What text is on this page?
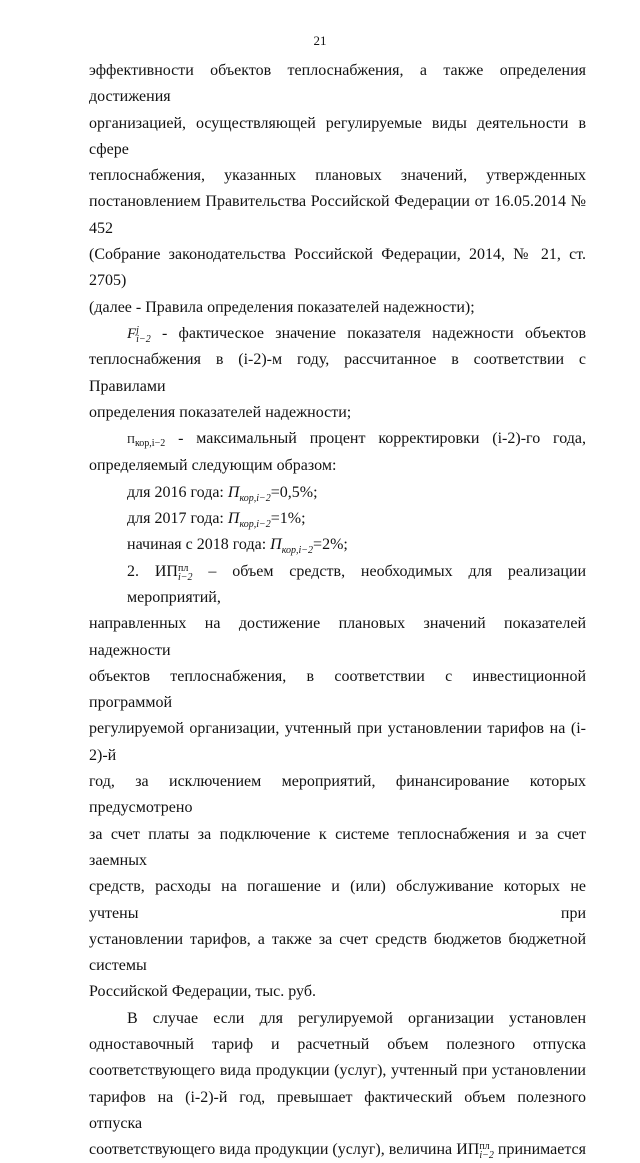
21

эффективности объектов теплоснабжения, а также определения достижения

организацией, осуществляющей регулируемые виды деятельности в сфере

теплоснабжения, указанных плановых значений, утвержденных

постановлением Правительства Российской Федерации от 16.05.2014 № 452

(Собрание законодательства Российской Федерации, 2014, № 21, ст. 2705)

(далее - Правила определения показателей надежности);

F j
i−2 - фактическое значение показателя надежности объектов

теплоснабжения в (i-2)-м году, рассчитанное в соответствии с Правилами

определения показателей надежности;

$П_{кор,i-2}$ - максимальный процент корректировки (i-2)-го года,

определяемый следующим образом:

для 2016 года: $П_{кор,i-2}=0,5\%$;

для 2017 года: $П_{кор,i-2}=1\%$;

начиная с 2018 года: $П_{кор,i-2}=2\%$;

2. ИП пл
i−2 – объем средств, необходимых для реализации мероприятий,

направленных на достижение плановых значений показателей надежности

объектов теплоснабжения, в соответствии с инвестиционной программой

регулируемой организации, учтенный при установлении тарифов на (i-2)-й

год, за исключением мероприятий, финансирование которых предусмотрено

за счет платы за подключение к системе теплоснабжения и за счет заемных

средств, расходы на погашение и (или) обслуживание которых не учтены при

установлении тарифов, а также за счет средств бюджетов бюджетной системы

Российской Федерации, тыс. руб.

В случае если для регулируемой организации установлен

одноставочный тариф и расчетный объем полезного отпуска

соответствующего вида продукции (услуг), учтенный при установлении

тарифов на (i-2)-й год, превышает фактический объем полезного отпуска

соответствующего вида продукции (услуг), величина ИП пл
i−2 принимается
